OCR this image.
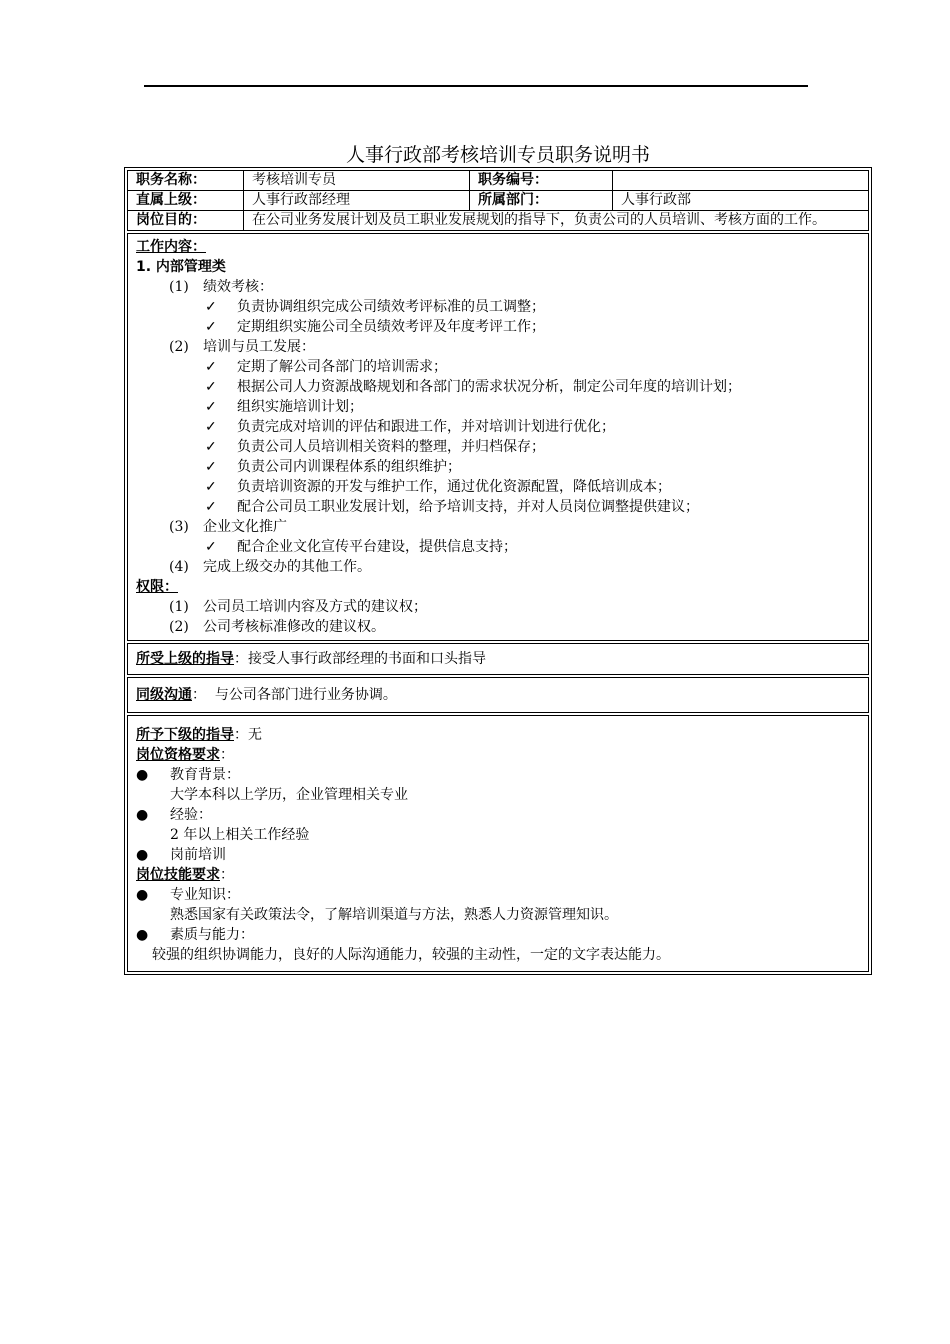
人事行政部考核培训专员职务说明书
职务名称：	考核培训专员	职务编号：	
直属上级：	人事行政部经理	所属部门：	人事行政部
岗位目的：	在公司业务发展计划及员工职业发展规划的指导下，负责公司的人员培训、考核方面的工作。		
工作内容：
1. 内部管理类
(1)	绩效考核：
✓	负责协调组织完成公司绩效考评标准的员工调整；
✓	定期组织实施公司全员绩效考评及年度考评工作；
(2)	培训与员工发展：
✓	定期了解公司各部门的培训需求；
✓	根据公司人力资源战略规划和各部门的需求状况分析，制定公司年度的培训计划；
✓	组织实施培训计划；
✓	负责完成对培训的评估和跟进工作，并对培训计划进行优化；
✓	负责公司人员培训相关资料的整理，并归档保存；
✓	负责公司内训课程体系的组织维护；
✓	负责培训资源的开发与维护工作，通过优化资源配置，降低培训成本；
✓	配合公司员工职业发展计划，给予培训支持，并对人员岗位调整提供建议；
(3)	企业文化推广
✓	配合企业文化宣传平台建设，提供信息支持；
(4)	完成上级交办的其他工作。
权限：
(1)	公司员工培训内容及方式的建议权；
(2)	公司考核标准修改的建议权。
所受上级的指导：接受人事行政部经理的书面和口头指导
同级沟通：  与公司各部门进行业务协调。
所予下级的指导：无
岗位资格要求：
●	教育背景：
大学本科以上学历，企业管理相关专业
●	经验：
2 年以上相关工作经验
●	岗前培训
岗位技能要求：
●	专业知识：
熟悉国家有关政策法令，了解培训渠道与方法，熟悉人力资源管理知识。
●	素质与能力：
较强的组织协调能力，良好的人际沟通能力，较强的主动性，一定的文字表达能力。
